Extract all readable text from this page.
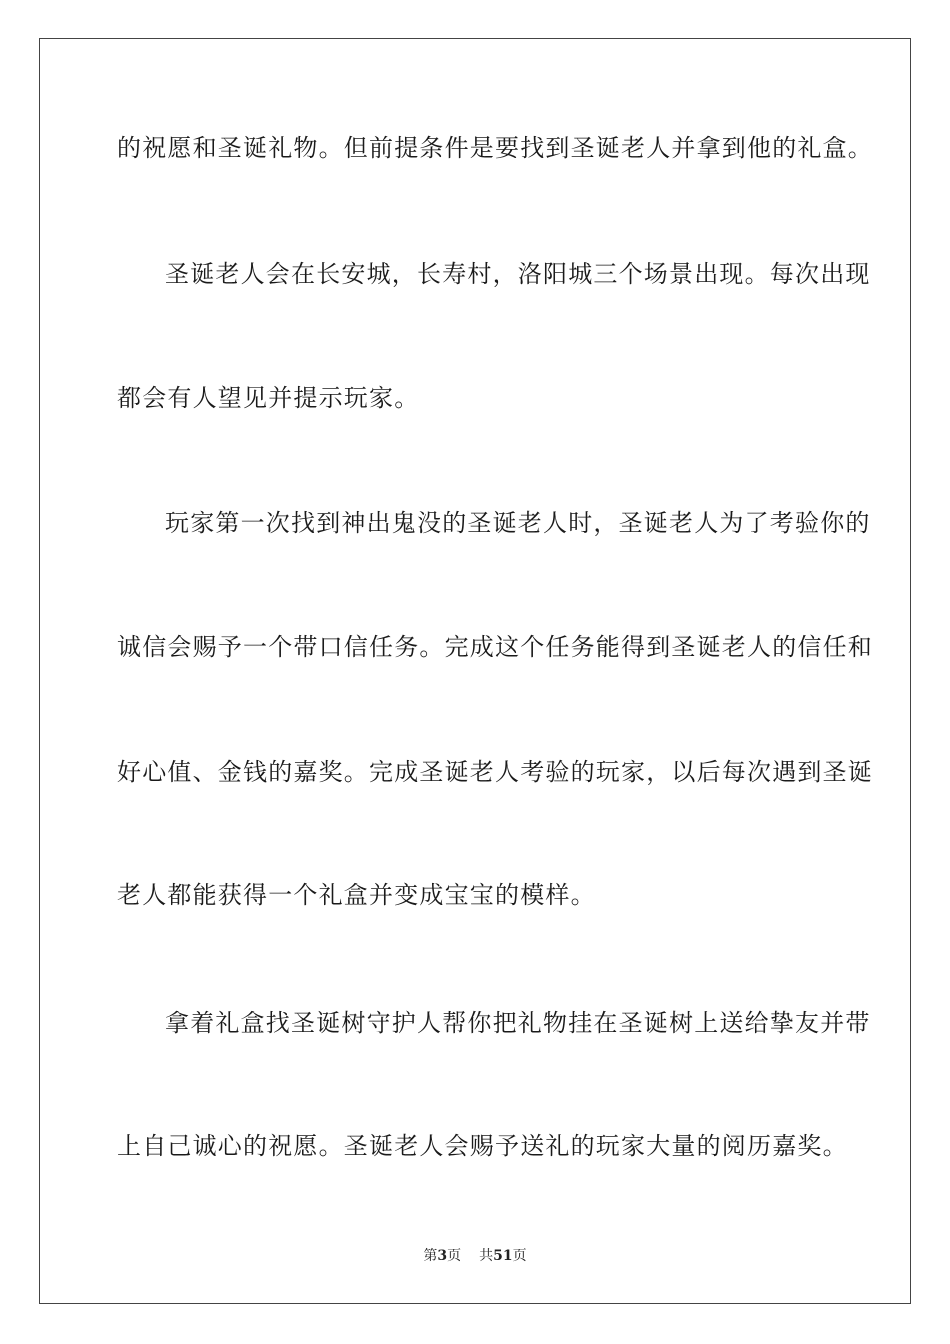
的祝愿和圣诞礼物。但前提条件是要找到圣诞老人并拿到他的礼盒。
圣诞老人会在长安城，长寿村，洛阳城三个场景出现。每次出现
都会有人望见并提示玩家。
玩家第一次找到神出鬼没的圣诞老人时，圣诞老人为了考验你的
诚信会赐予一个带口信任务。完成这个任务能得到圣诞老人的信任和
好心值、金钱的嘉奖。完成圣诞老人考验的玩家，以后每次遇到圣诞
老人都能获得一个礼盒并变成宝宝的模样。
拿着礼盒找圣诞树守护人帮你把礼物挂在圣诞树上送给挚友并带
上自己诚心的祝愿。圣诞老人会赐予送礼的玩家大量的阅历嘉奖。
第3页 共51页
